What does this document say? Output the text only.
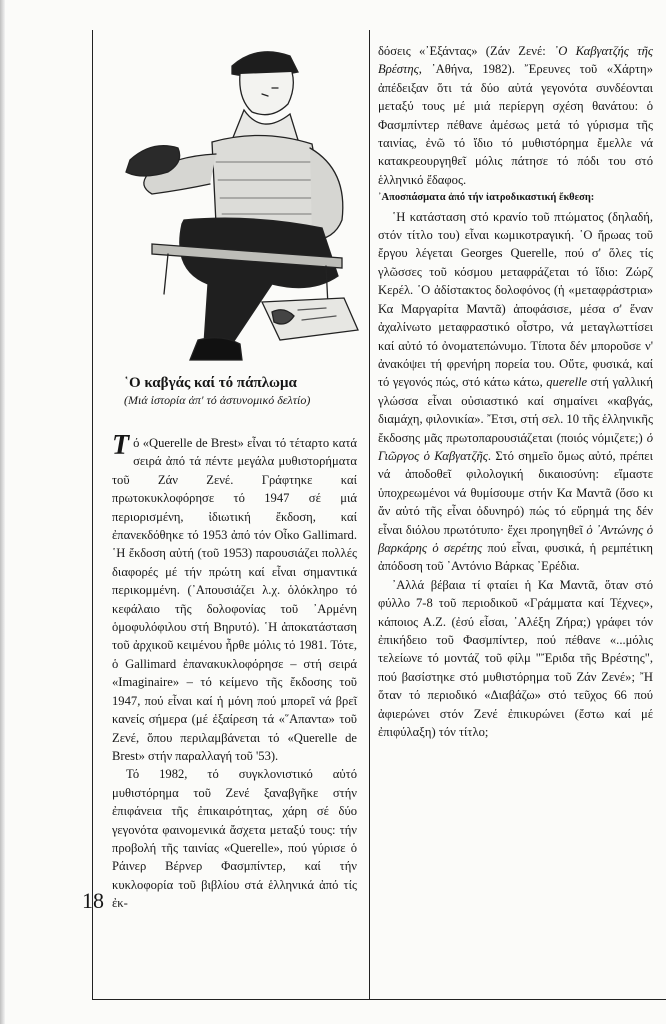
῾Ο καβγάς καί τό πάπλωμα
(Μιά ἱστορία ἀπ' τό ἀστυνομικό δελτίο)

Τό «Querelle de Brest» εἶναι τό τέταρτο κατά σειρά ἀπό τά πέντε μεγάλα μυθιστορήματα τοῦ Ζάν Ζενέ. Γράφτηκε καί πρωτοκυκλοφόρησε τό 1947 σέ μιά περιορισμένη, ἰδιωτική ἔκδοση, καί ἐπανεκδόθηκε τό 1953 ἀπό τόν Οἶκο Gallimard. ῾Η ἔκδοση αὐτή (τοῦ 1953) παρουσιάζει πολλές διαφορές μέ τήν πρώτη καί εἶναι σημαντικά περικομμένη. (᾿Απουσιάζει λ.χ. ὁλόκληρο τό κεφάλαιο τῆς δολοφονίας τοῦ ᾿Αρμένη ὁμοφυλόφιλου στή Βηρυτό). ῾Η ἀποκατάσταση τοῦ ἀρχικοῦ κειμένου ἦρθε μόλις τό 1981. Τότε, ὁ Gallimard ἐπανακυκλοφόρησε – στή σειρά «Imaginaire» – τό κείμενο τῆς ἔκδοσης τοῦ 1947, πού εἶναι καί ἡ μόνη πού μπορεῖ νά βρεῖ κανείς σήμερα (μέ ἐξαίρεση τά «῞Απαντα» τοῦ Ζενέ, ὅπου περιλαμβάνεται τό «Querelle de Brest» στήν παραλλαγή τοῦ '53).

Τό 1982, τό συγκλονιστικό αὐτό μυθιστόρημα τοῦ Ζενέ ξαναβγῆκε στήν ἐπιφάνεια τῆς ἐπικαιρότητας, χάρη σέ δύο γεγονότα φαινομενικά ἄσχετα μεταξύ τους: τήν προβολή τῆς ταινίας «Querelle», πού γύρισε ὁ Ράινερ Βέρνερ Φασμπίντερ, καί τήν κυκλοφορία τοῦ βιβλίου στά ἑλληνικά ἀπό τίς ἐκ-

18

δόσεις «᾿Εξάντας» (Ζάν Ζενέ: ᾿Ο Καβγατζής τῆς Βρέστης, ᾿Αθήνα, 1982). ῎Ερευνες τοῦ «Χάρτη» ἀπέδειξαν ὅτι τά δύο αὐτά γεγονότα συνδέονται μεταξύ τους μέ μιά περίεργη σχέση θανάτου: ὁ Φασμπίντερ πέθανε ἀμέσως μετά τό γύρισμα τῆς ταινίας, ἐνῶ τό ἴδιο τό μυθιστόρημα ἔμελλε νά κατακρεουργηθεῖ μόλις πάτησε τό πόδι του στό ἑλληνικό ἔδαφος.

᾿Αποσπάσματα ἀπό τήν ἰατροδικαστική ἔκθεση:

῾Η κατάσταση στό κρανίο τοῦ πτώματος (δηλαδή, στόν τίτλο του) εἶναι κωμικοτραγική. ῾Ο ἥρωας τοῦ ἔργου λέγεται Georges Querelle, πού σ' ὅλες τίς γλῶσσες τοῦ κόσμου μεταφράζεται τό ἴδιο: Ζώρζ Κερέλ. ῾Ο ἀδίστακτος δολοφόνος (ἡ «μεταφράστρια» Κα Μαργαρίτα Μαντᾶ) ἀποφάσισε, μέσα σ' ἕναν ἀχαλίνωτο μεταφραστικό οἶστρο, νά μεταγλωττίσει καί αὐτό τό ὀνοματεπώνυμο. Τίποτα δέν μποροῦσε ν' ἀνακόψει τή φρενήρη πορεία του. Οὔτε, φυσικά, καί τό γεγονός πώς, στό κάτω κάτω, querelle στή γαλλική γλώσσα εἶναι οὐσιαστικό καί σημαίνει «καβγάς, διαμάχη, φιλονικία». ῎Ετσι, στή σελ. 10 τῆς ἑλληνικῆς ἔκδοσης μᾶς πρωτοπαρουσιάζεται (ποιός νόμιζετε;) ὁ Γιῶργος ὁ Καβγατζῆς. Στό σημεῖο ὅμως αὐτό, πρέπει νά ἀποδοθεῖ φιλολογική δικαιοσύνη: εἴμαστε ὑποχρεωμένοι νά θυμίσουμε στήν Κα Μαντᾶ (ὅσο κι ἄν αὐτό τῆς εἶναι ὀδυνηρό) πώς τό εὕρημά της δέν εἶναι διόλου πρωτότυπο· ἔχει προηγηθεῖ ὁ ᾿Αντώνης ὁ βαρκάρης ὁ σερέτης πού εἶναι, φυσικά, ἡ ρεμπέτικη ἀπόδοση τοῦ ᾿Αντόνιο Βάρκας ᾿Ερέδια.

᾿Αλλά βέβαια τί φταίει ἡ Κα Μαντᾶ, ὅταν στό φύλλο 7-8 τοῦ περιοδικοῦ «Γράμματα καί Τέχνες», κάποιος Α.Ζ. (ἐσύ εἶσαι, ᾿Αλέξη Ζήρα;) γράφει τόν ἐπικήδειο τοῦ Φασμπίντερ, πού πέθανε «...μόλις τελείωνε τό μοντάζ τοῦ φίλμ "Ἔριδα τῆς Βρέστης", πού βασίστηκε στό μυθιστόρημα τοῦ Ζάν Ζενέ»; ῎Η ὅταν τό περιοδικό «Διαβάζω» στό τεῦχος 66 πού ἀφιερώνει στόν Ζενέ ἐπικυρώνει (ἔστω καί μέ ἐπιφύλαξη) τόν τίτλο;
